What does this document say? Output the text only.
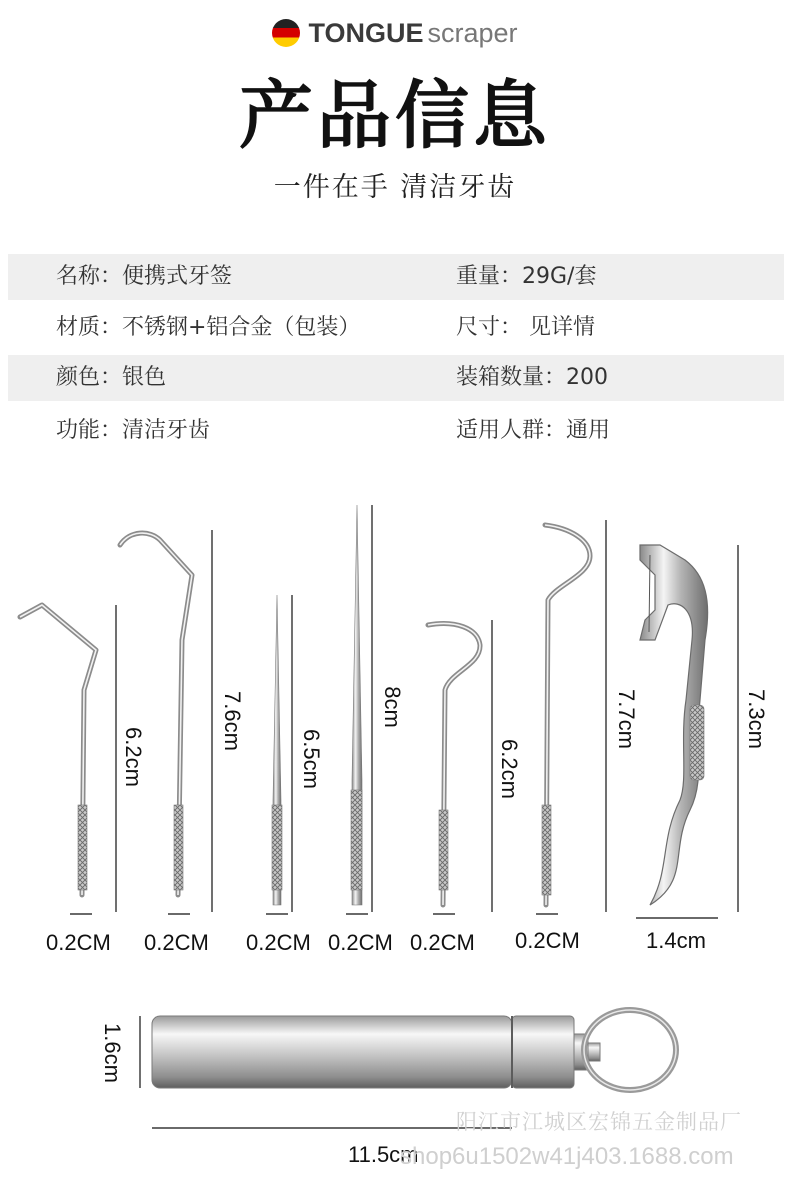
TONGUE scraper
产品信息
一件在手 清洁牙齿
名称：便携式牙签	重量：29G/套
材质：不锈钢+铝合金（包装）	尺寸： 见详情
颜色：银色	装箱数量：200
功能：清洁牙齿	适用人群：通用
0.2CM 0.2CM 0.2CM 0.2CM 0.2CM 0.2CM	1.4cm
6.2cm
7.6cm
6.5cm
8cm
6.2cm
7.7cm	7.3cm
1.6cm
11.5cm
阳江市江城区宏锦五金制品厂
shop6u1502w41j403.1688.com
